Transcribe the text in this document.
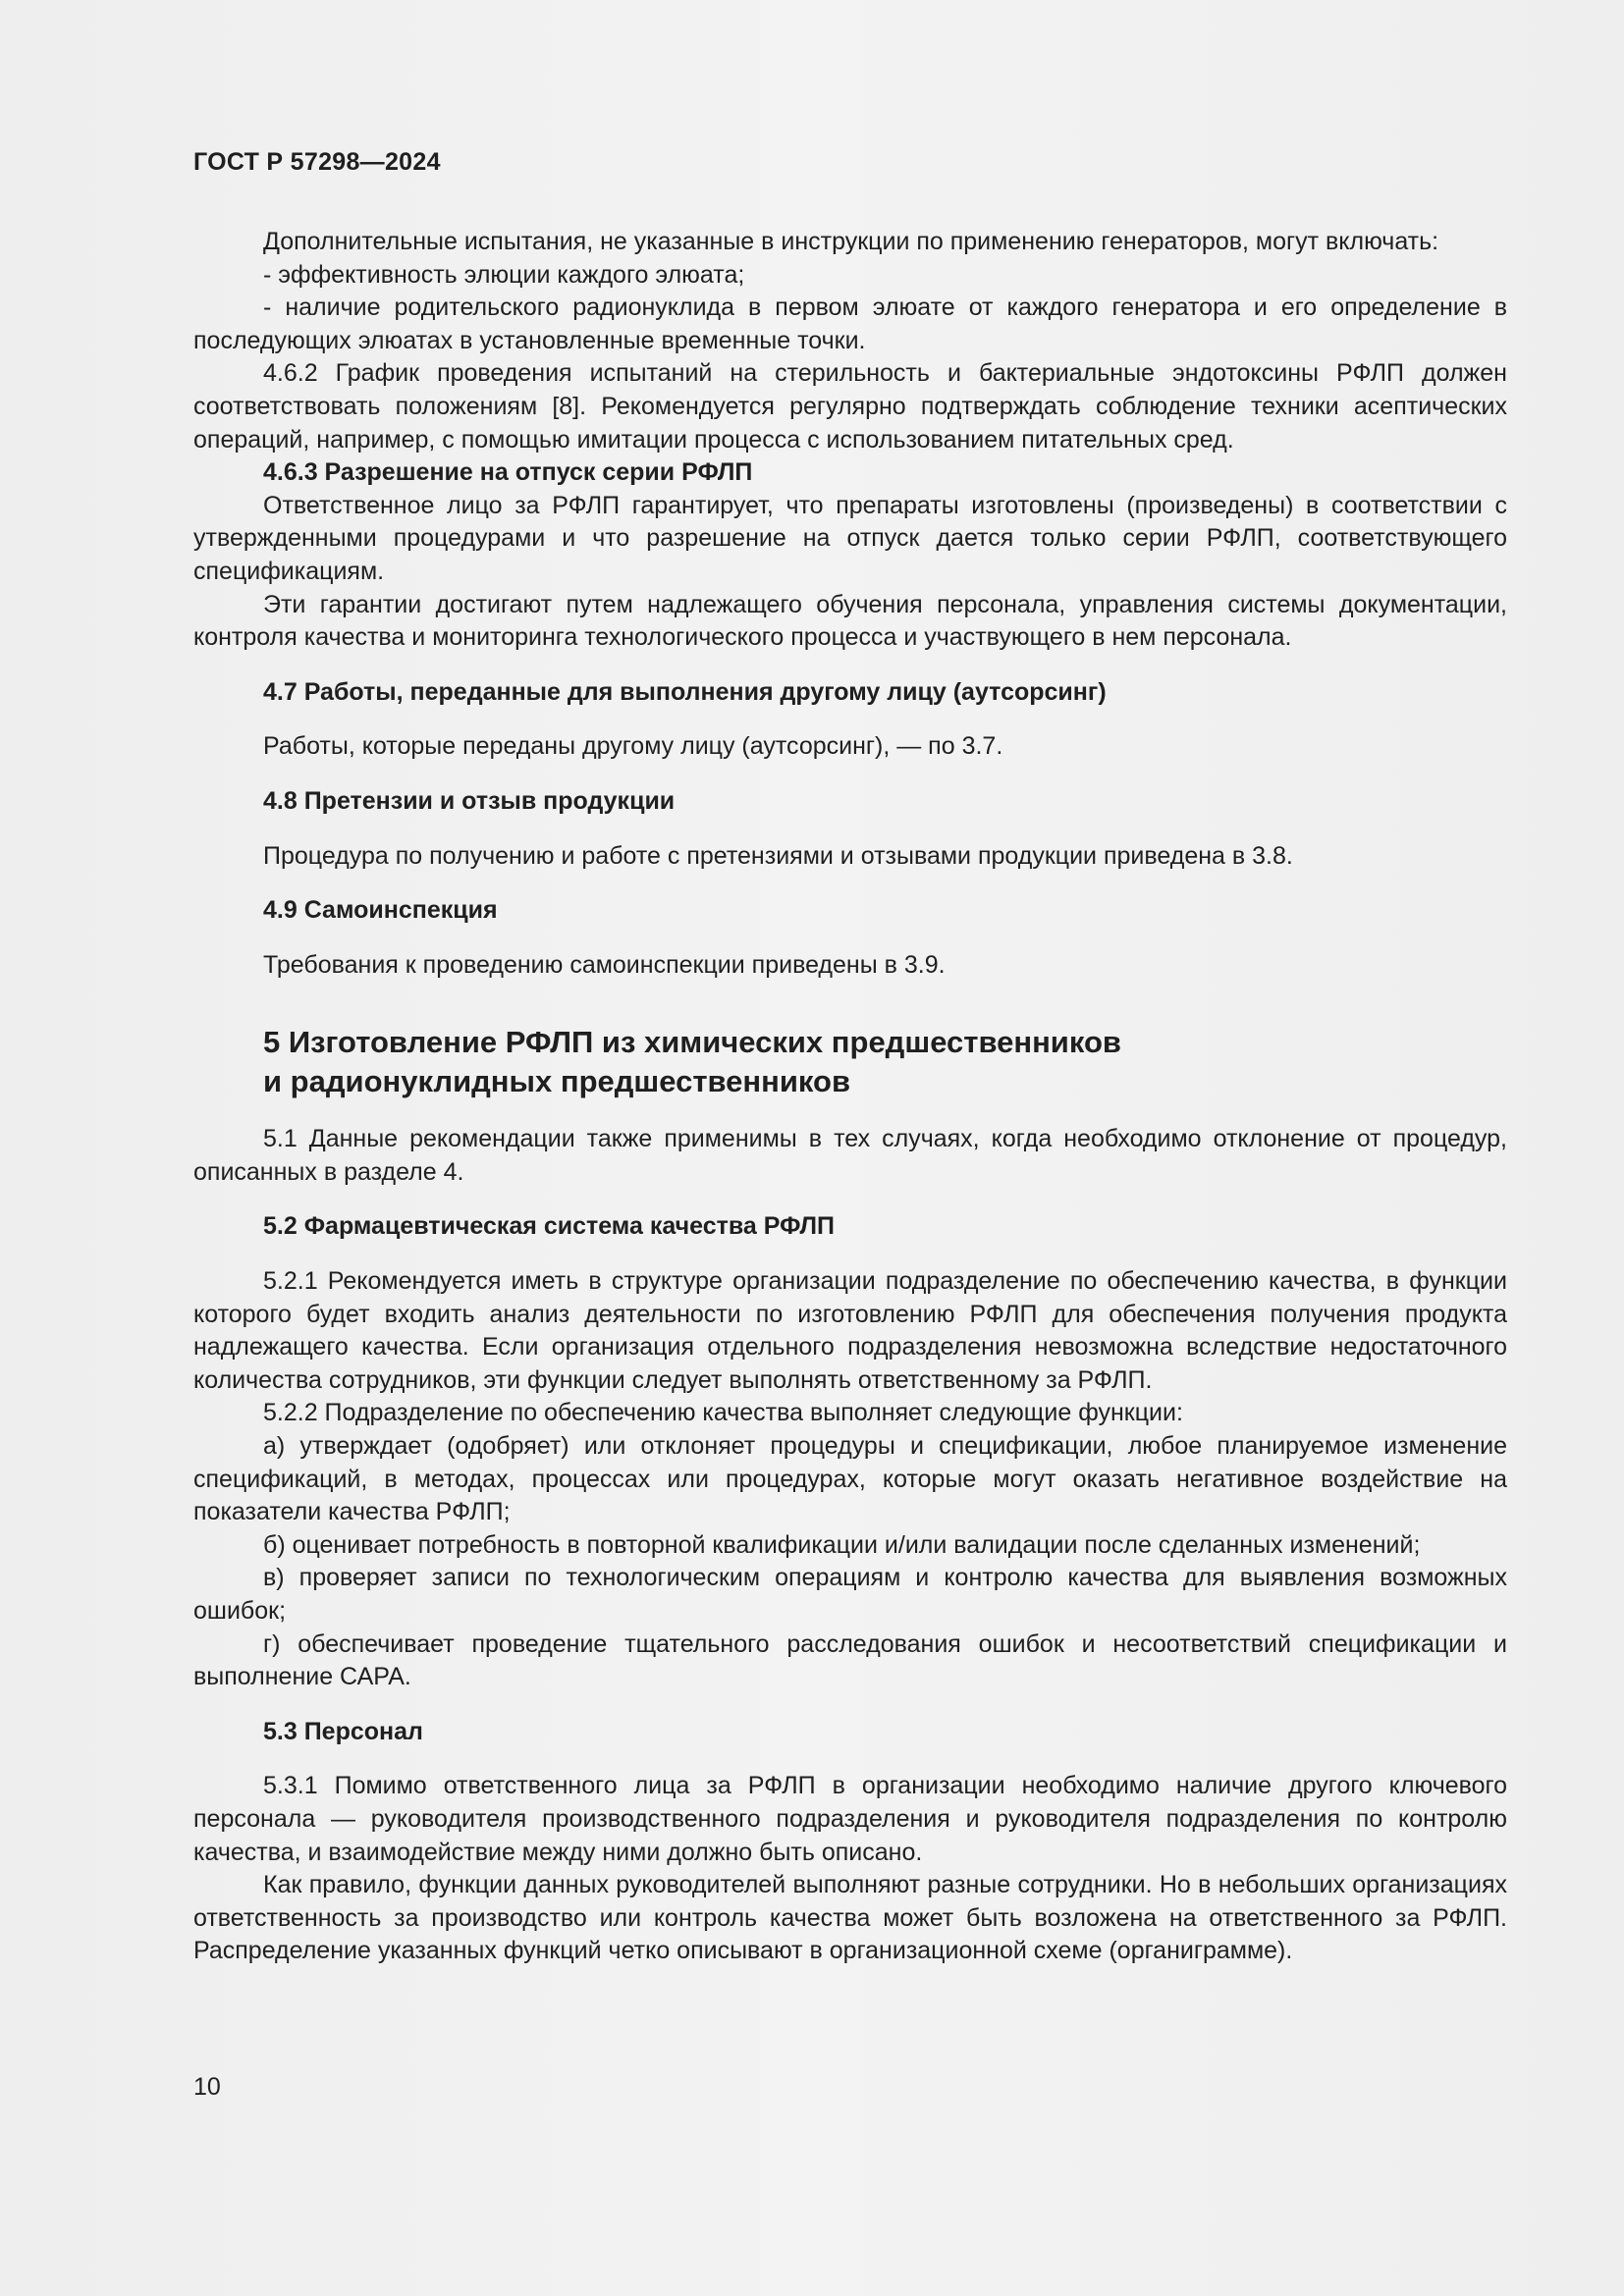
ГОСТ Р 57298—2024

Дополнительные испытания, не указанные в инструкции по применению генераторов, могут включать:

- эффективность элюции каждого элюата;

- наличие родительского радионуклида в первом элюате от каждого генератора и его определение в последующих элюатах в установленные временные точки.

4.6.2 График проведения испытаний на стерильность и бактериальные эндотоксины РФЛП должен соответствовать положениям [8]. Рекомендуется регулярно подтверждать соблюдение техники асептических операций, например, с помощью имитации процесса с использованием питательных сред.

4.6.3 Разрешение на отпуск серии РФЛП

Ответственное лицо за РФЛП гарантирует, что препараты изготовлены (произведены) в соответствии с утвержденными процедурами и что разрешение на отпуск дается только серии РФЛП, соответствующего спецификациям.

Эти гарантии достигают путем надлежащего обучения персонала, управления системы документации, контроля качества и мониторинга технологического процесса и участвующего в нем персонала.

4.7 Работы, переданные для выполнения другому лицу (аутсорсинг)

Работы, которые переданы другому лицу (аутсорсинг), — по 3.7.

4.8 Претензии и отзыв продукции

Процедура по получению и работе с претензиями и отзывами продукции приведена в 3.8.

4.9 Самоинспекция

Требования к проведению самоинспекции приведены в 3.9.

5 Изготовление РФЛП из химических предшественников
и радионуклидных предшественников

5.1 Данные рекомендации также применимы в тех случаях, когда необходимо отклонение от процедур, описанных в разделе 4.

5.2 Фармацевтическая система качества РФЛП

5.2.1 Рекомендуется иметь в структуре организации подразделение по обеспечению качества, в функции которого будет входить анализ деятельности по изготовлению РФЛП для обеспечения получения продукта надлежащего качества. Если организация отдельного подразделения невозможна вследствие недостаточного количества сотрудников, эти функции следует выполнять ответственному за РФЛП.

5.2.2 Подразделение по обеспечению качества выполняет следующие функции:

а) утверждает (одобряет) или отклоняет процедуры и спецификации, любое планируемое изменение спецификаций, в методах, процессах или процедурах, которые могут оказать негативное воздействие на показатели качества РФЛП;

б) оценивает потребность в повторной квалификации и/или валидации после сделанных изменений;

в) проверяет записи по технологическим операциям и контролю качества для выявления возможных ошибок;

г) обеспечивает проведение тщательного расследования ошибок и несоответствий спецификации и выполнение САРА.

5.3 Персонал

5.3.1 Помимо ответственного лица за РФЛП в организации необходимо наличие другого ключевого персонала — руководителя производственного подразделения и руководителя подразделения по контролю качества, и взаимодействие между ними должно быть описано.

Как правило, функции данных руководителей выполняют разные сотрудники. Но в небольших организациях ответственность за производство или контроль качества может быть возложена на ответственного за РФЛП. Распределение указанных функций четко описывают в организационной схеме (органиграмме).

10
